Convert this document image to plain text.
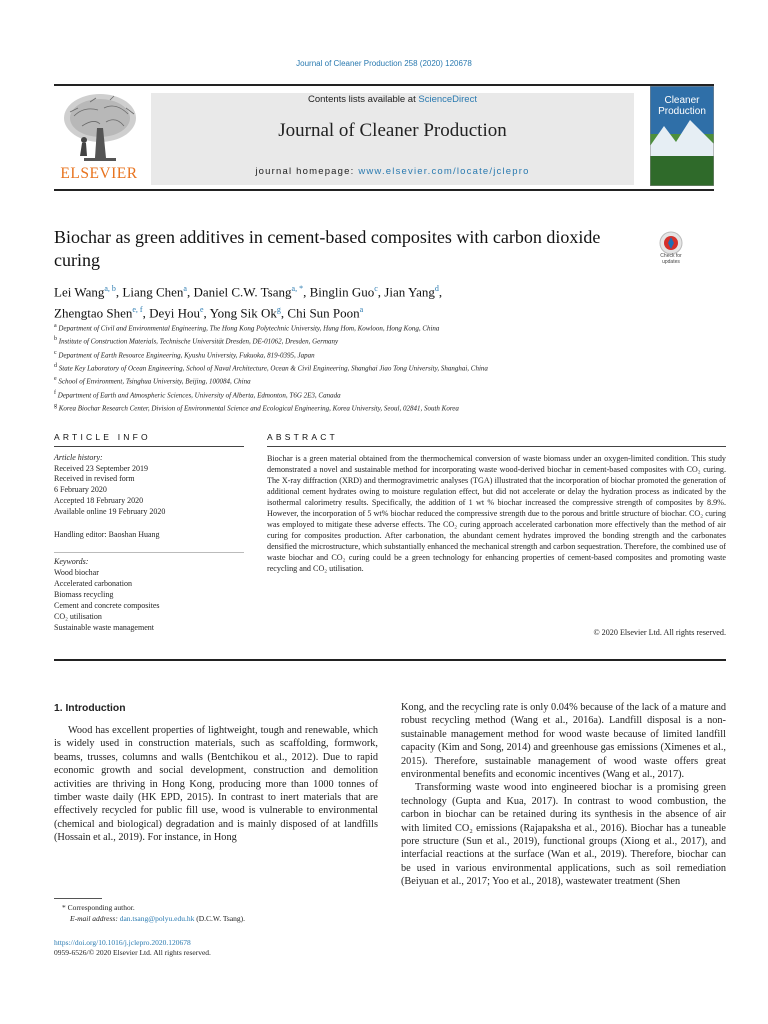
Journal of Cleaner Production 258 (2020) 120678
ELSEVIER
Contents lists available at ScienceDirect
Journal of Cleaner Production
journal homepage: www.elsevier.com/locate/jclepro
Cleaner
Production
Biochar as green additives in cement-based composites with carbon dioxide curing	Check for updates
Lei Wang$^{a, b}$, Liang Chen$^a$, Daniel C.W. Tsang$^{a, *}$, Binglin Guo$^c$, Jian Yang$^d$,
Zhengtao Shen$^{e, f}$, Deyi Hou$^e$, Yong Sik Ok$^g$, Chi Sun Poon$^a$
a Department of Civil and Environmental Engineering, The Hong Kong Polytechnic University, Hung Hom, Kowloon, Hong Kong, China
b Institute of Construction Materials, Technische Universität Dresden, DE-01062, Dresden, Germany
c Department of Earth Resource Engineering, Kyushu University, Fukuoka, 819-0395, Japan
d State Key Laboratory of Ocean Engineering, School of Naval Architecture, Ocean & Civil Engineering, Shanghai Jiao Tong University, Shanghai, China
e School of Environment, Tsinghua University, Beijing, 100084, China
f Department of Earth and Atmospheric Sciences, University of Alberta, Edmonton, T6G 2E3, Canada
g Korea Biochar Research Center, Division of Environmental Science and Ecological Engineering, Korea University, Seoul, 02841, South Korea
ARTICLE INFO	ABSTRACT
Article history:
Received 23 September 2019
Received in revised form
6 February 2020
Accepted 18 February 2020
Available online 19 February 2020
Handling editor: Baoshan Huang
Keywords:
Wood biochar
Accelerated carbonation
Biomass recycling
Cement and concrete composites
CO₂ utilisation
Sustainable waste management
Biochar is a green material obtained from the thermochemical conversion of waste biomass under an oxygen-limited condition. This study demonstrated a novel and sustainable method for incorporating waste wood-derived biochar in cement-based composites with CO₂ curing. The X-ray diffraction (XRD) and thermogravimetric analyses (TGA) illustrated that the incorporation of biochar promoted the generation of additional cement hydrates owing to moisture regulation effect, but did not accelerate or delay the hydration process as indicated by the isothermal calorimetry results. Specifically, the addition of 1 wt % biochar increased the compressive strength of composites by 8.9%. However, the incorporation of 5 wt% biochar reduced the compressive strength due to the porous and brittle structure of biochar. CO₂ curing was employed to mitigate these adverse effects. The CO₂ curing approach accelerated carbonation more effectively than the method of air curing for composites production. After carbonation, the abundant cement hydrates improved the bonding strength and the carbonates densified the microstructure, which substantially enhanced the mechanical strength and carbon sequestration. Therefore, the combined use of waste biochar and CO₂ curing could be a green technology for enhancing properties of cement-based composites and promoting waste recycling and CO₂ utilisation.
© 2020 Elsevier Ltd. All rights reserved.
1. Introduction

Wood has excellent properties of lightweight, tough and renewable, which is widely used in construction materials, such as scaffolding, formwork, beams, trusses, columns and walls (Bentchikou et al., 2012). Due to rapid economic growth and social development, construction and demolition activities are thriving in Hong Kong, producing more than 1000 tonnes of timber waste daily (HK EPD, 2015). In contrast to inert materials that are effectively recycled for public fill use, wood is vulnerable to environmental (chemical and biological) degradation and is mainly disposed of at landfills (Hossain et al., 2019). For instance, in Hong

Kong, and the recycling rate is only 0.04% because of the lack of a mature and robust recycling method (Wang et al., 2016a). Landfill disposal is a non-sustainable management method for wood waste because of limited landfill capacity (Kim and Song, 2014) and greenhouse gas emissions (Ximenes et al., 2015). Therefore, sustainable management of wood waste offers great environmental benefits and economic incentives (Wang et al., 2017).

Transforming waste wood into engineered biochar is a promising green technology (Gupta and Kua, 2017). In contrast to wood combustion, the carbon in biochar can be retained during its synthesis in the absence of air with limited CO₂ emissions (Rajapaksha et al., 2016). Biochar has a tuneable pore structure (Sun et al., 2019), functional groups (Xiong et al., 2017), and interfacial reactions at the surface (Wan et al., 2019). Therefore, biochar can be used in various environmental applications, such as soil remediation (Beiyuan et al., 2017; Yoo et al., 2018), wastewater treatment (Shen

* Corresponding author.
E-mail address: dan.tsang@polyu.edu.hk (D.C.W. Tsang).
https://doi.org/10.1016/j.jclepro.2020.120678
0959-6526/© 2020 Elsevier Ltd. All rights reserved.
